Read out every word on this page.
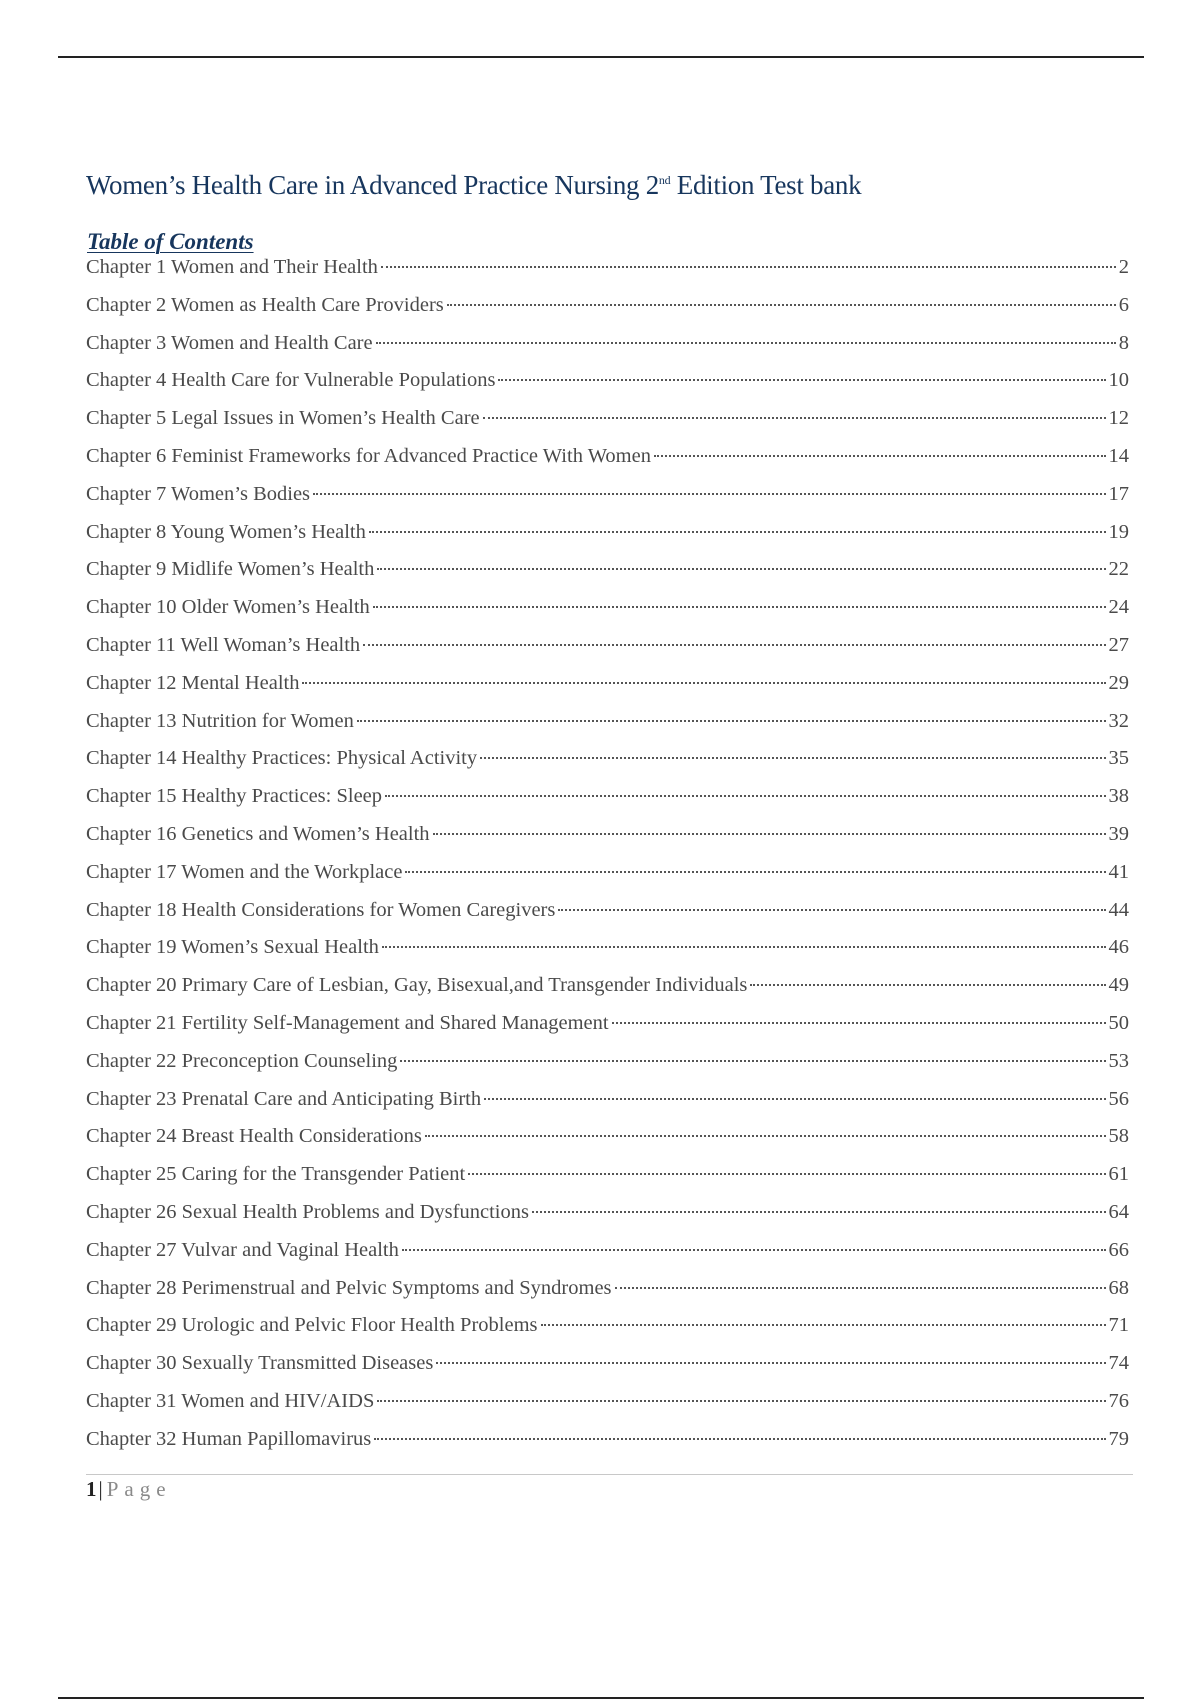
Women’s Health Care in Advanced Practice Nursing 2nd Edition Test bank
Table of Contents
Chapter 1 Women and Their Health	2
Chapter 2 Women as Health Care Providers	6
Chapter 3 Women and Health Care	8
Chapter 4 Health Care for Vulnerable Populations	10
Chapter 5 Legal Issues in Women’s Health Care	12
Chapter 6 Feminist Frameworks for Advanced Practice With Women	14
Chapter 7 Women’s Bodies	17
Chapter 8 Young Women’s Health	19
Chapter 9 Midlife Women’s Health	22
Chapter 10 Older Women’s Health	24
Chapter 11 Well Woman’s Health	27
Chapter 12 Mental Health	29
Chapter 13 Nutrition for Women	32
Chapter 14 Healthy Practices: Physical Activity	35
Chapter 15 Healthy Practices: Sleep	38
Chapter 16 Genetics and Women’s Health	39
Chapter 17 Women and the Workplace	41
Chapter 18 Health Considerations for Women Caregivers	44
Chapter 19 Women’s Sexual Health	46
Chapter 20 Primary Care of Lesbian, Gay, Bisexual,and Transgender Individuals	49
Chapter 21 Fertility Self-Management and Shared Management	50
Chapter 22 Preconception Counseling	53
Chapter 23 Prenatal Care and Anticipating Birth	56
Chapter 24 Breast Health Considerations	58
Chapter 25 Caring for the Transgender Patient	61
Chapter 26 Sexual Health Problems and Dysfunctions	64
Chapter 27 Vulvar and Vaginal Health	66
Chapter 28 Perimenstrual and Pelvic Symptoms and Syndromes	68
Chapter 29 Urologic and Pelvic Floor Health Problems	71
Chapter 30 Sexually Transmitted Diseases	74
Chapter 31 Women and HIV/AIDS	76
Chapter 32 Human Papillomavirus	79
1| Page
